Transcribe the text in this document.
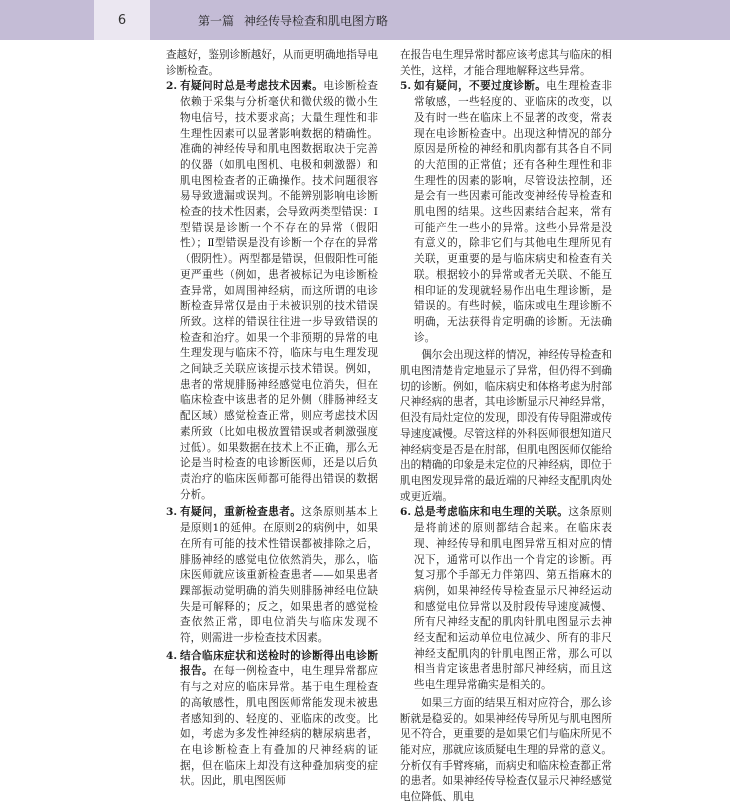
6	第一篇 神经传导检查和肌电图方略

查越好，鉴别诊断越好，从而更明确地指导电诊断检查。

2. 有疑问时总是考虑技术因素。电诊断检查依赖于采集与分析毫伏和微伏级的微小生物电信号，技术要求高；大量生理性和非生理性因素可以显著影响数据的精确性。准确的神经传导和肌电图数据取决于完善的仪器（如肌电图机、电极和刺激器）和肌电图检查者的正确操作。技术问题很容易导致遗漏或误判。不能辨别影响电诊断检查的技术性因素，会导致两类型错误：Ⅰ型错误是诊断一个不存在的异常（假阳性）；Ⅱ型错误是没有诊断一个存在的异常（假阴性）。两型都是错误，但假阳性可能更严重些（例如，患者被标记为电诊断检查异常，如周围神经病，而这所谓的电诊断检查异常仅是由于未被识别的技术错误所致。这样的错误往往进一步导致错误的检查和治疗。如果一个非预期的异常的电生理发现与临床不符，临床与电生理发现之间缺乏关联应该提示技术错误。例如，患者的常规腓肠神经感觉电位消失，但在临床检查中该患者的足外侧（腓肠神经支配区域）感觉检查正常，则应考虑技术因素所致（比如电极放置错误或者刺激强度过低）。如果数据在技术上不正确，那么无论是当时检查的电诊断医师，还是以后负责治疗的临床医师都可能得出错误的数据分析。
3. 有疑问，重新检查患者。这条原则基本上是原则1的延伸。在原则2的病例中，如果在所有可能的技术性错误都被排除之后，腓肠神经的感觉电位依然消失，那么，临床医师就应该重新检查患者——如果患者踝部振动觉明确的消失则腓肠神经电位缺失是可解释的；反之，如果患者的感觉检查依然正常，即电位消失与临床发现不符，则需进一步检查技术因素。
4. 结合临床症状和送检时的诊断得出电诊断报告。在每一例检查中，电生理异常都应有与之对应的临床异常。基于电生理检查的高敏感性，肌电图医师常能发现未被患者感知到的、轻度的、亚临床的改变。比如，考虑为多发性神经病的糖尿病患者，在电诊断检查上有叠加的尺神经病的证据，但在临床上却没有这种叠加病变的症状。因此，肌电图医师

在报告电生理异常时都应该考虑其与临床的相关性，这样，才能合理地解释这些异常。

5. 如有疑问，不要过度诊断。电生理检查非常敏感，一些轻度的、亚临床的改变，以及有时一些在临床上不显著的改变，常表现在电诊断检查中。出现这种情况的部分原因是所检的神经和肌肉都有其各自不同的大范围的正常值；还有各种生理性和非生理性的因素的影响，尽管设法控制，还是会有一些因素可能改变神经传导检查和肌电图的结果。这些因素结合起来，常有可能产生一些小的异常。这些小异常是没有意义的，除非它们与其他电生理所见有关联，更重要的是与临床病史和检查有关联。根据较小的异常或者无关联、不能互相印证的发现就轻易作出电生理诊断，是错误的。有些时候，临床或电生理诊断不明确，无法获得肯定明确的诊断。无法确诊。

偶尔会出现这样的情况，神经传导检查和肌电图清楚肯定地显示了异常，但仍得不到确切的诊断。例如，临床病史和体格考虑为肘部尺神经病的患者，其电诊断显示尺神经异常，但没有局灶定位的发现，即没有传导阻滞或传导速度减慢。尽管这样的外科医师很想知道尺神经病变是否是在肘部，但肌电图医师仅能给出的精确的印象是未定位的尺神经病，即位于肌电图发现异常的最近端的尺神经支配肌肉处或更近端。

6. 总是考虑临床和电生理的关联。这条原则是将前述的原则都结合起来。在临床表现、神经传导和肌电图异常互相对应的情况下，通常可以作出一个肯定的诊断。再复习那个手部无力伴第四、第五指麻木的病例，如果神经传导检查显示尺神经运动和感觉电位异常以及肘段传导速度减慢、所有尺神经支配的肌肉针肌电图显示去神经支配和运动单位电位减少、所有的非尺神经支配肌肉的针肌电图正常，那么可以相当肯定该患者患肘部尺神经病，而且这些电生理异常确实是相关的。

如果三方面的结果互相对应符合，那么诊断就是稳妥的。如果神经传导所见与肌电图所见不符合，更重要的是如果它们与临床所见不能对应，那就应该质疑电生理的异常的意义。分析仅有手臂疼痛，而病史和临床检查都正常的患者。如果神经传导检查仅显示尺神经感觉电位降低、肌电
